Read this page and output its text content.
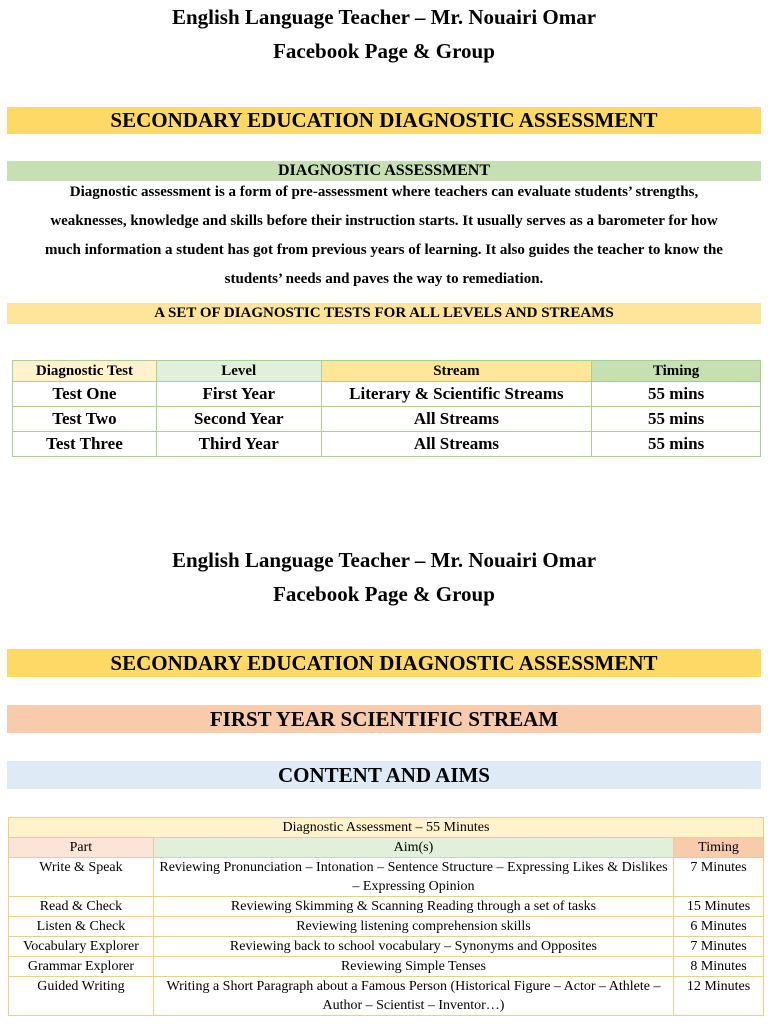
English Language Teacher – Mr. Nouairi Omar
Facebook Page & Group
SECONDARY EDUCATION DIAGNOSTIC ASSESSMENT
DIAGNOSTIC ASSESSMENT
Diagnostic assessment is a form of pre-assessment where teachers can evaluate students’ strengths,
weaknesses, knowledge and skills before their instruction starts. It usually serves as a barometer for how
much information a student has got from previous years of learning. It also guides the teacher to know the
students’ needs and paves the way to remediation.
A SET OF DIAGNOSTIC TESTS FOR ALL LEVELS AND STREAMS
Diagnostic Test	Level	Stream	Timing
Test One	First Year	Literary & Scientific Streams	55 mins
Test Two	Second Year	All Streams	55 mins
Test Three	Third Year	All Streams	55 mins
English Language Teacher – Mr. Nouairi Omar
Facebook Page & Group
SECONDARY EDUCATION DIAGNOSTIC ASSESSMENT
FIRST YEAR SCIENTIFIC STREAM
CONTENT AND AIMS
Diagnostic Assessment – 55 Minutes		
Part	Aim(s)	Timing
Write & Speak	Reviewing Pronunciation – Intonation – Sentence Structure – Expressing Likes & Dislikes – Expressing Opinion	7 Minutes
Read & Check	Reviewing Skimming & Scanning Reading through a set of tasks	15 Minutes
Listen & Check	Reviewing listening comprehension skills	6 Minutes
Vocabulary Explorer	Reviewing back to school vocabulary – Synonyms and Opposites	7 Minutes
Grammar Explorer	Reviewing Simple Tenses	8 Minutes
Guided Writing	Writing a Short Paragraph about a Famous Person (Historical Figure – Actor – Athlete – Author – Scientist – Inventor…)	12 Minutes
